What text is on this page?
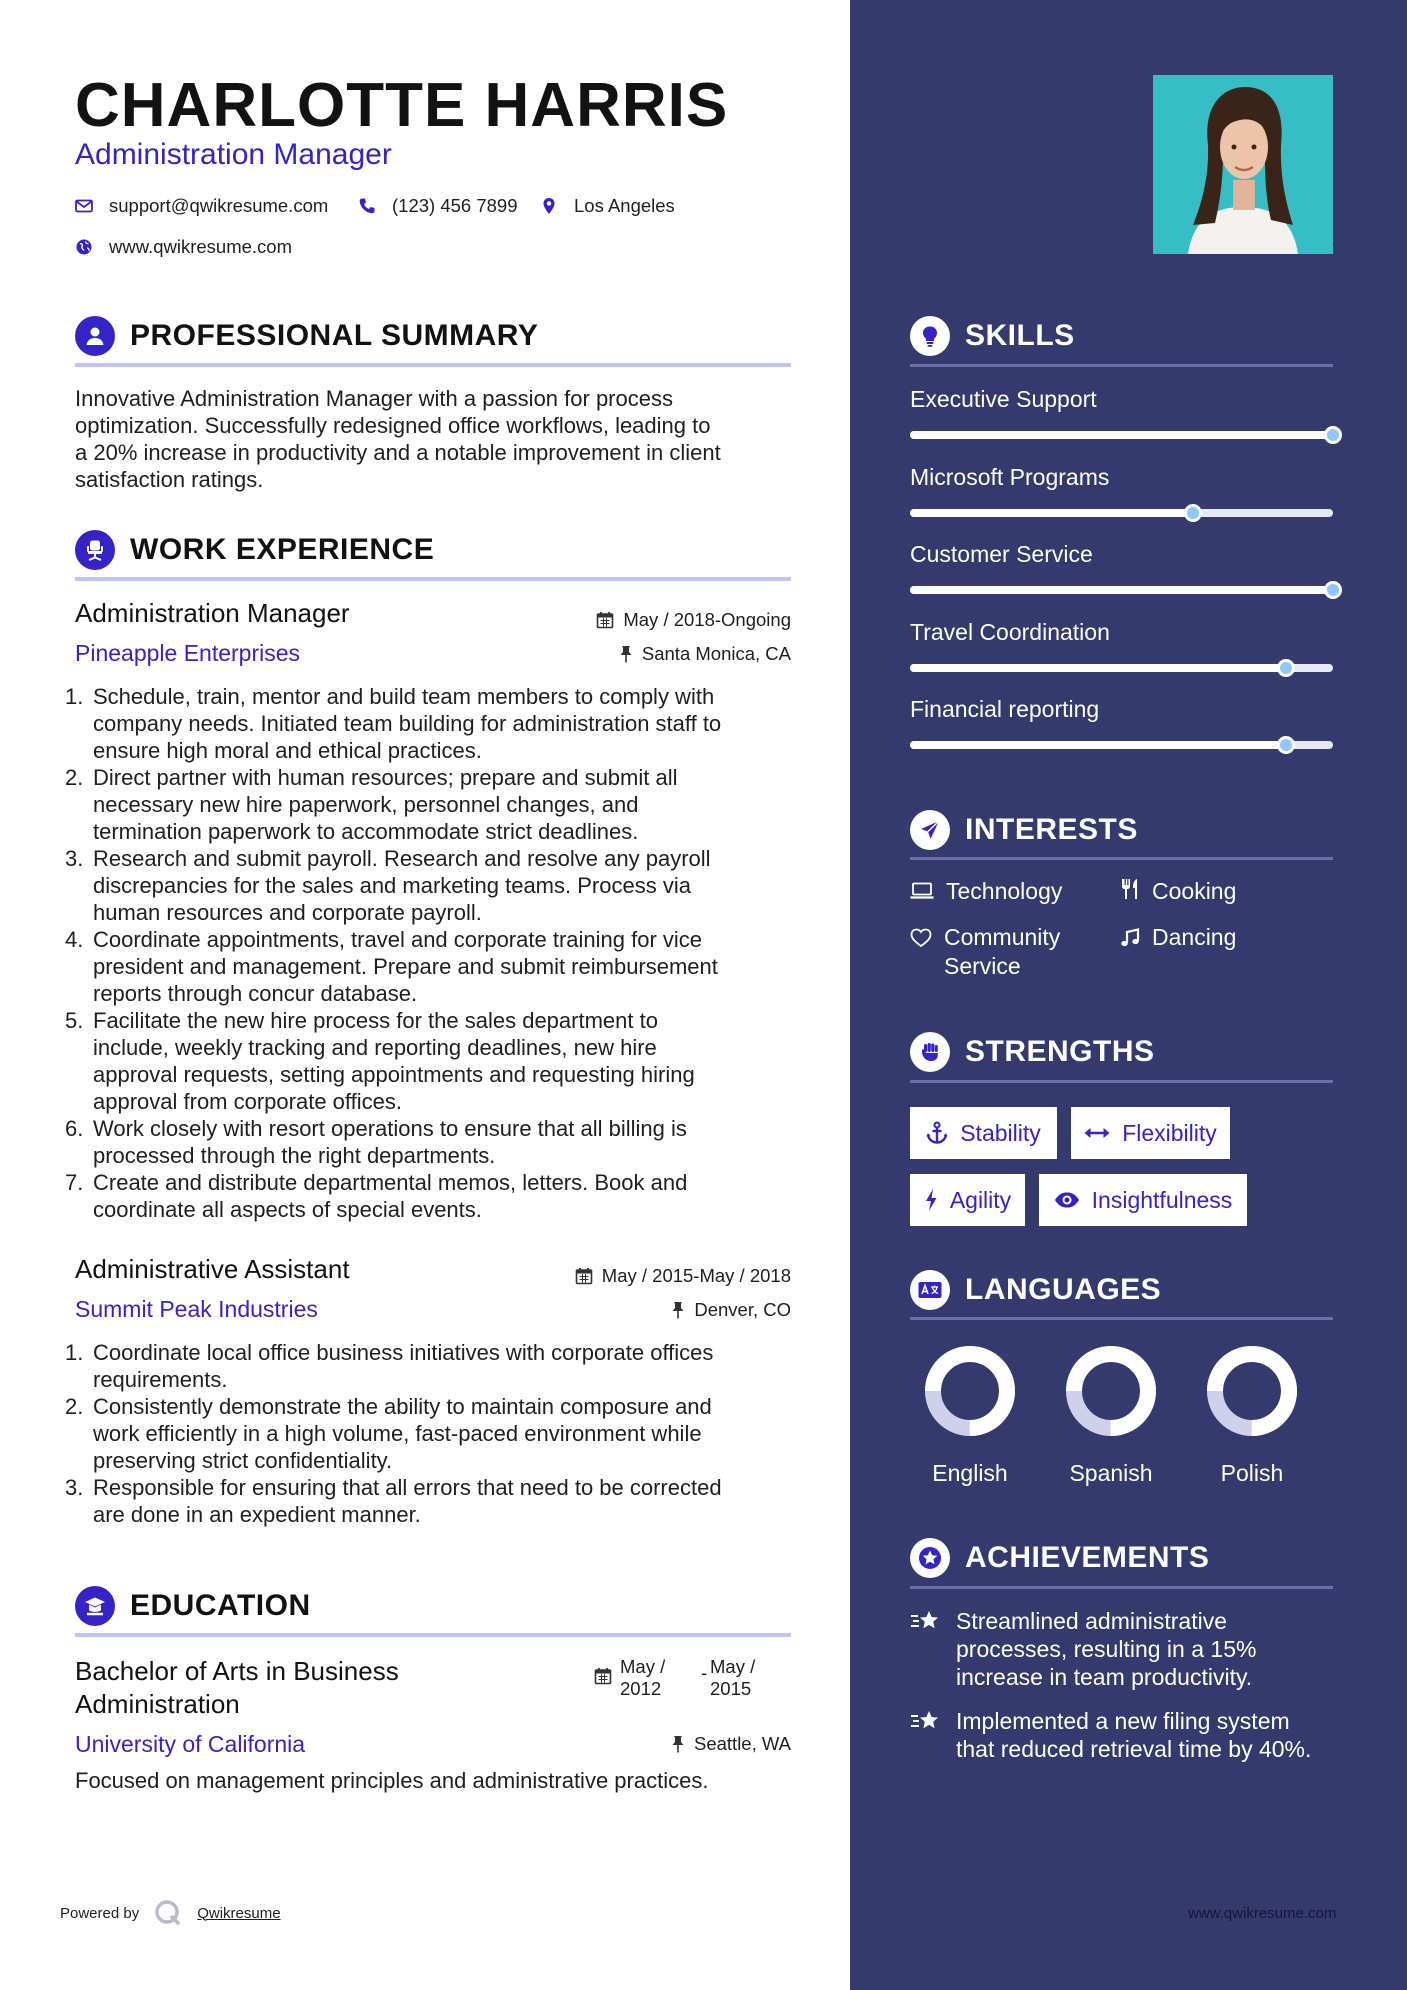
CHARLOTTE HARRIS
Administration Manager
support@qwikresume.com	(123) 456 7899	Los Angeles
www.qwikresume.com
PROFESSIONAL SUMMARY
Innovative Administration Manager with a passion for process
optimization. Successfully redesigned office workflows, leading to
a 20% increase in productivity and a notable improvement in client
satisfaction ratings.
WORK EXPERIENCE
Administration Manager	May / 2018-Ongoing
Pineapple Enterprises	Santa Monica, CA
Schedule, train, mentor and build team members to comply with
company needs. Initiated team building for administration staff to
ensure high moral and ethical practices.
Direct partner with human resources; prepare and submit all
necessary new hire paperwork, personnel changes, and
termination paperwork to accommodate strict deadlines.
Research and submit payroll. Research and resolve any payroll
discrepancies for the sales and marketing teams. Process via
human resources and corporate payroll.
Coordinate appointments, travel and corporate training for vice
president and management. Prepare and submit reimbursement
reports through concur database.
Facilitate the new hire process for the sales department to
include, weekly tracking and reporting deadlines, new hire
approval requests, setting appointments and requesting hiring
approval from corporate offices.
Work closely with resort operations to ensure that all billing is
processed through the right departments.
Create and distribute departmental memos, letters. Book and
coordinate all aspects of special events.
Administrative Assistant	May / 2015-May / 2018
Summit Peak Industries	Denver, CO
Coordinate local office business initiatives with corporate offices
requirements.
Consistently demonstrate the ability to maintain composure and
work efficiently in a high volume, fast-paced environment while
preserving strict confidentiality.
Responsible for ensuring that all errors that need to be corrected
are done in an expedient manner.
EDUCATION
Bachelor of Arts in Business
Administration
May /
2012
- May /
2015
University of California	Seattle, WA
Focused on management principles and administrative practices.
Powered by	Qwikresume
SKILLS
Executive Support
Microsoft Programs
Customer Service
Travel Coordination
Financial reporting
INTERESTS
Technology	Cooking
Community
Service
Dancing
STRENGTHS
Stability	Flexibility
Agility	Insightfulness
LANGUAGES
English	Spanish	Polish
ACHIEVEMENTS
Streamlined administrative
processes, resulting in a 15%
increase in team productivity.
Implemented a new filing system
that reduced retrieval time by 40%.
www.qwikresume.com
